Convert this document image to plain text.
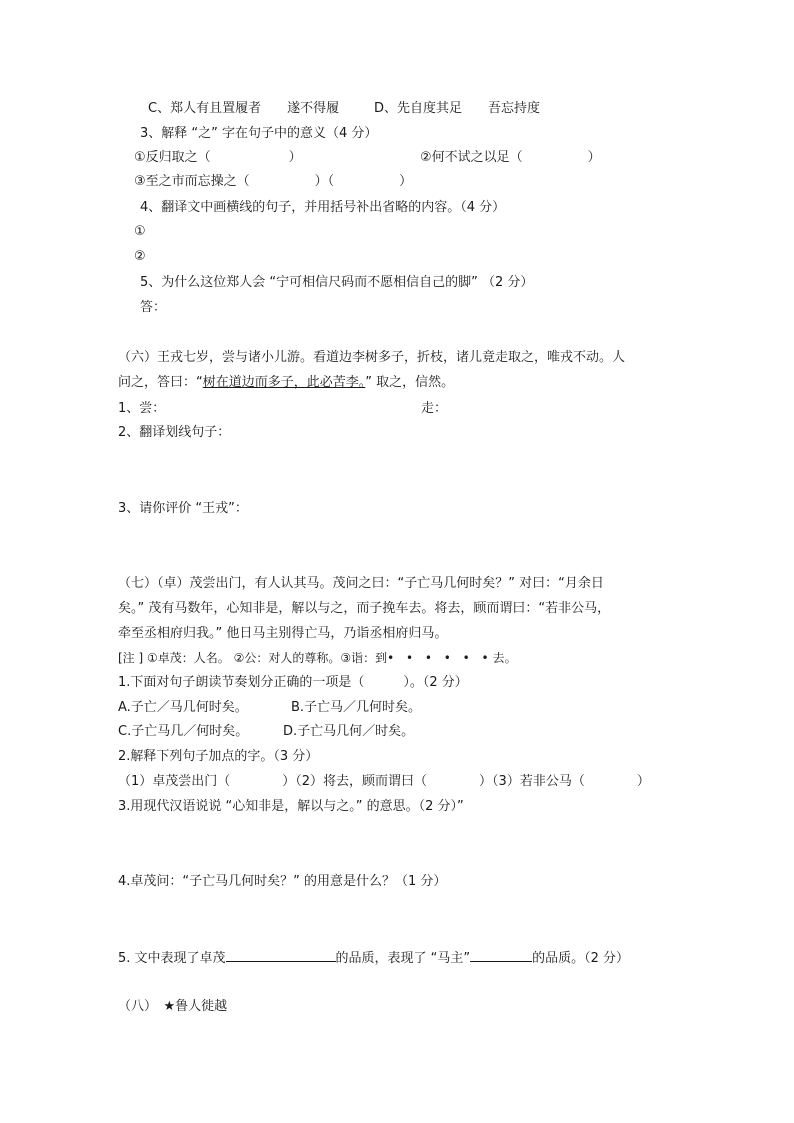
C、郑人有且置履者　　遂不得履	D、先自度其足　　吾忘持度
3、解释 “之” 字在句子中的意义（4 分）
①反归取之（　　　　　　）	②何不试之以足（　　　　　）
③至之市而忘操之（　　　　　）（　　　　　）
4、翻译文中画横线的句子，并用括号补出省略的内容。（4 分）
①
②
5、为什么这位郑人会 “宁可相信尺码而不愿相信自己的脚” （2 分）
答：
（六）王戎七岁，尝与诸小儿游。看道边李树多子，折枝，诸儿竟走取之，唯戎不动。人
问之，答曰：“树在道边而多子，此必苦李。” 取之，信然。
1、尝：	走：
2、翻译划线句子：
3、请你评价 “王戎”：
（七）（卓）茂尝出门，有人认其马。茂问之曰：“子亡马几何时矣？” 对曰：“月余日
矣。” 茂有马数年，心知非是，解以与之，而子挽车去。将去，顾而谓曰：“若非公马，
牵至丞相府归我。” 他日马主别得亡马，乃诣丞相府归马。
[注 ] ①卓茂：人名。 ②公：对人的尊称。③诣：到• • • • • •去。
1.下面对句子朗读节奏划分正确的一项是（　　　）。（2 分）
A.子亡／马几何时矣。	B.子亡马／几何时矣。
C.子亡马几／何时矣。	D.子亡马几何／时矣。
2.解释下列句子加点的字。（3 分）
（1）卓茂尝出门（　　　　）（2）将去，顾而谓曰（　　　　）（3）若非公马（　　　　）
3.用现代汉语说说 “心知非是，解以与之。” 的意思。（2 分）”
4.卓茂问：“子亡马几何时矣？” 的用意是什么？（1 分）
5. 文中表现了卓茂	的品质，表现了 “马主”	的品质。（2 分）
（八）　★鲁人徙越
